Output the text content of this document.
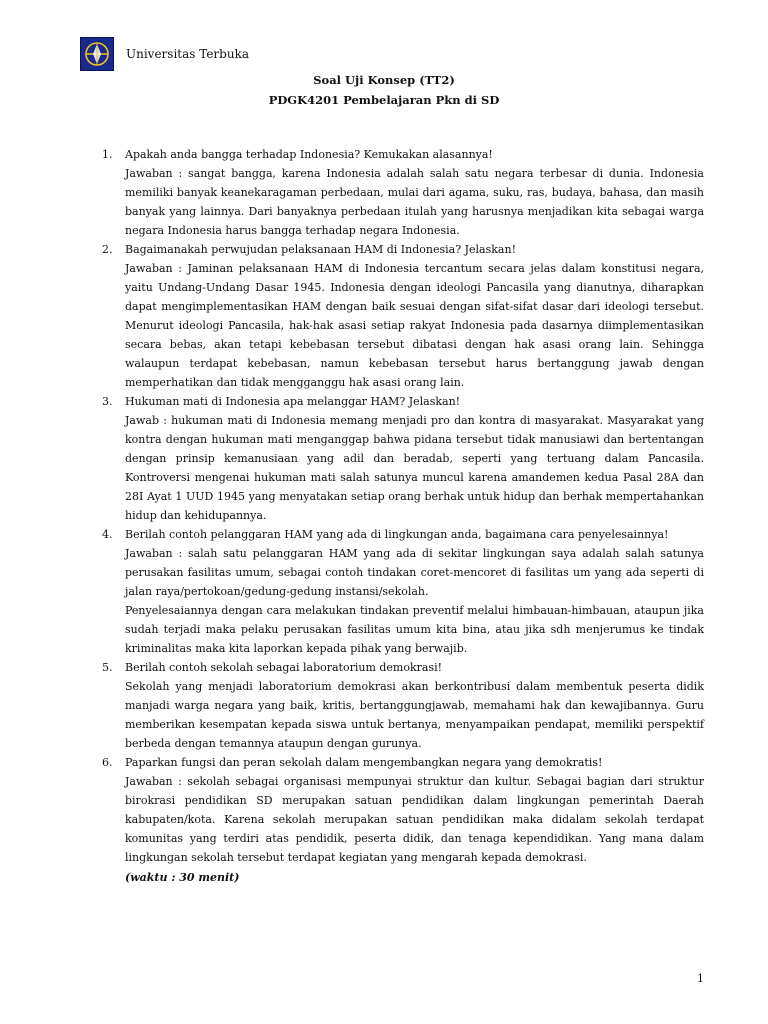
Universitas Terbuka
Soal Uji Konsep (TT2)
PDGK4201 Pembelajaran Pkn di SD
1. Apakah anda bangga terhadap Indonesia? Kemukakan alasannya!
Jawaban : sangat bangga, karena Indonesia adalah salah satu negara terbesar di dunia. Indonesia memiliki banyak keanekaragaman perbedaan, mulai dari agama, suku, ras, budaya, bahasa, dan masih banyak yang lainnya. Dari banyaknya perbedaan itulah yang harusnya menjadikan kita sebagai warga negara Indonesia harus bangga terhadap negara Indonesia.
2. Bagaimanakah perwujudan pelaksanaan HAM di Indonesia? Jelaskan!
Jawaban : Jaminan pelaksanaan HAM di Indonesia tercantum secara jelas dalam konstitusi negara, yaitu Undang-Undang Dasar 1945. Indonesia dengan ideologi Pancasila yang dianutnya, diharapkan dapat mengimplementasikan HAM dengan baik sesuai dengan sifat-sifat dasar dari ideologi tersebut. Menurut ideologi Pancasila, hak-hak asasi setiap rakyat Indonesia pada dasarnya diimplementasikan secara bebas, akan tetapi kebebasan tersebut dibatasi dengan hak asasi orang lain. Sehingga walaupun terdapat kebebasan, namun kebebasan tersebut harus bertanggung jawab dengan memperhatikan dan tidak mengganggu hak asasi orang lain.
3. Hukuman mati di Indonesia apa melanggar HAM? Jelaskan!
Jawab : hukuman mati di Indonesia memang menjadi pro dan kontra di masyarakat. Masyarakat yang kontra dengan hukuman mati menganggap bahwa pidana tersebut tidak manusiawi dan bertentangan dengan prinsip kemanusiaan yang adil dan beradab, seperti yang tertuang dalam Pancasila. Kontroversi mengenai hukuman mati salah satunya muncul karena amandemen kedua Pasal 28A dan 28I Ayat 1 UUD 1945 yang menyatakan setiap orang berhak untuk hidup dan berhak mempertahankan hidup dan kehidupannya.
4. Berilah contoh pelanggaran HAM yang ada di lingkungan anda, bagaimana cara penyelesainnya!
Jawaban : salah satu pelanggaran HAM yang ada di sekitar lingkungan saya adalah salah satunya perusakan fasilitas umum, sebagai contoh tindakan coret-mencoret di fasilitas um yang ada seperti di jalan raya/pertokoan/gedung-gedung instansi/sekolah.
Penyelesaiannya dengan cara melakukan tindakan preventif melalui himbauan-himbauan, ataupun jika sudah terjadi maka pelaku perusakan fasilitas umum kita bina, atau jika sdh menjerumus ke tindak kriminalitas maka kita laporkan kepada pihak yang berwajib.
5. Berilah contoh sekolah sebagai laboratorium demokrasi!
Sekolah yang menjadi laboratorium demokrasi akan berkontribusi dalam membentuk peserta didik manjadi warga negara yang baik, kritis, bertanggungjawab, memahami hak dan kewajibannya. Guru memberikan kesempatan kepada siswa untuk bertanya, menyampaikan pendapat, memiliki perspektif berbeda dengan temannya ataupun dengan gurunya.
6. Paparkan fungsi dan peran sekolah dalam mengembangkan negara yang demokratis!
Jawaban : sekolah sebagai organisasi mempunyai struktur dan kultur. Sebagai bagian dari struktur birokrasi pendidikan SD merupakan satuan pendidikan dalam lingkungan pemerintah Daerah kabupaten/kota. Karena sekolah merupakan satuan pendidikan maka didalam sekolah terdapat komunitas yang terdiri atas pendidik, peserta didik, dan tenaga kependidikan. Yang mana dalam lingkungan sekolah tersebut terdapat kegiatan yang mengarah kepada demokrasi.
(waktu : 30 menit)
1
